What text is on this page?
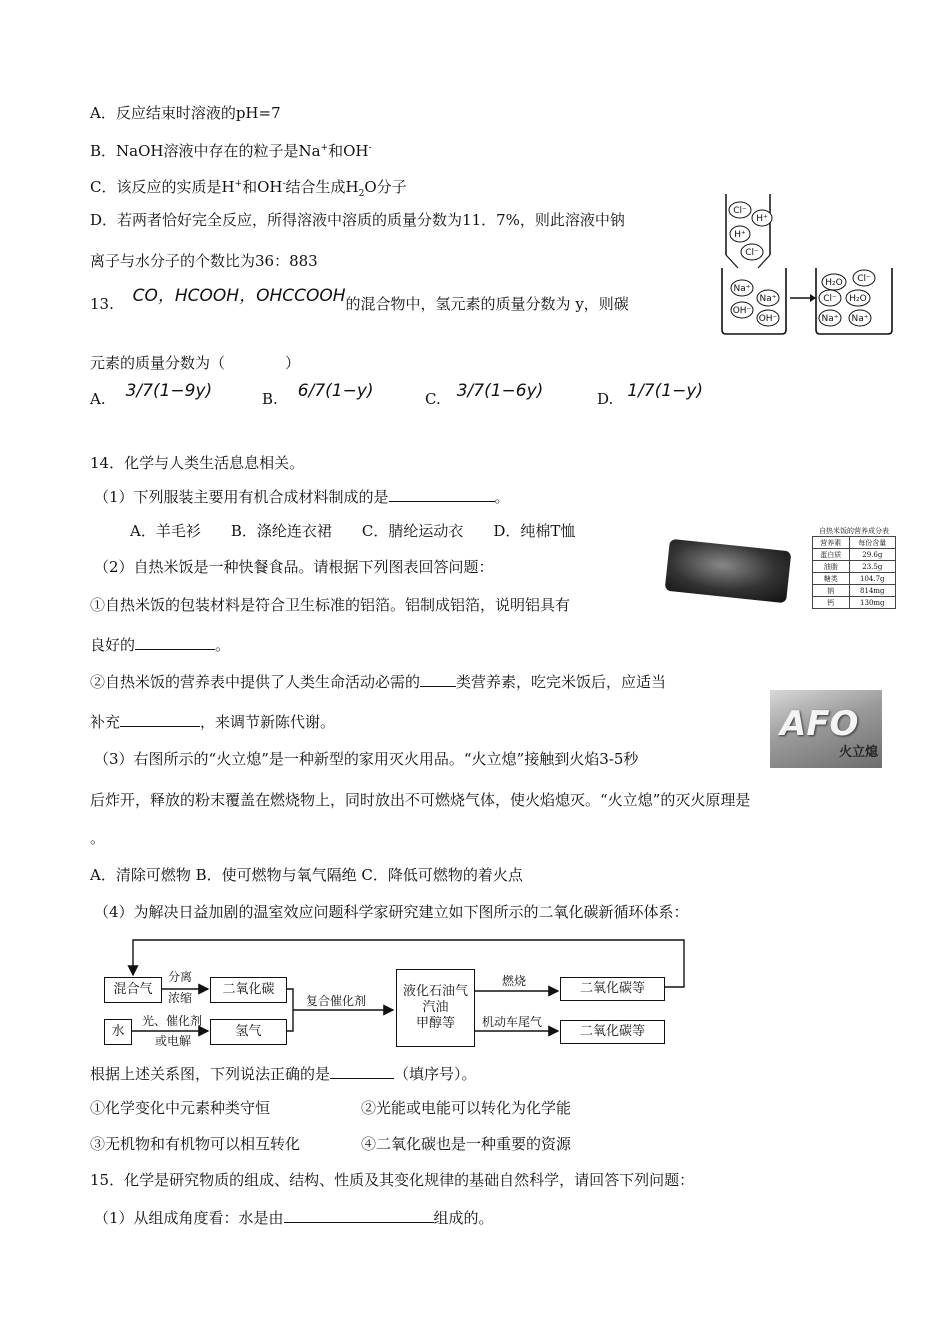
A．反应结束时溶液的pH=7
B．NaOH溶液中存在的粒子是Na+和OH-
C．该反应的实质是H+和OH-结合生成$H_2O$分子
D．若两者恰好完全反应，所得溶液中溶质的质量分数为11．7%，则此溶液中钠
离子与水分子的个数比为36：883
Cl⁻
H⁺
H⁺
Cl⁻
Na⁺
Na⁺
OH⁻
OH⁻
H₂O Cl⁻
Cl⁻ H₂O
Na⁺ Na⁺
13. CO，HCOOH，OHCCOOH的混合物中，氢元素的质量分数为 y，则碳
元素的质量分数为（　　　　）
A. 3/7(1−9y)	B. 6/7(1−y)	C. 3/7(1−6y)	D. 1/7(1−y)
14．化学与人类生活息息相关。
（1）下列服装主要用有机合成材料制成的是	。
A．羊毛衫　　B．涤纶连衣裙　　C．腈纶运动衣　　D．纯棉T恤
（2）自热米饭是一种快餐食品。请根据下列图表回答问题：
①自热米饭的包装材料是符合卫生标准的铝箔。铝制成铝箔，说明铝具有
良好的	。
②自热米饭的营养表中提供了人类生命活动必需的 类营养素，吃完米饭后，应适当
补充	，来调节新陈代谢。
（3）右图所示的“火立熄”是一种新型的家用灭火用品。“火立熄”接触到火焰3-5秒
后炸开，释放的粉末覆盖在燃烧物上，同时放出不可燃烧气体，使火焰熄灭。“火立熄”的灭火原理是
。
A．清除可燃物 B．使可燃物与氧气隔绝 C．降低可燃物的着火点
（4）为解决日益加剧的温室效应问题科学家研究建立如下图所示的二氧化碳新循环体系：
自热米饭的营养成分表
营养素	每份含量
蛋白质	29.6g
油脂	23.5g
糖类	104.7g
钠	814mg
钙	130mg
AFO
火立熄
混合气
水
分离
浓缩
光、催化剂
或电解
二氧化碳
氢气
复合催化剂
液化石油气
汽油
甲醇等
燃烧
机动车尾气
二氧化碳等
二氧化碳等
根据上述关系图，下列说法正确的是	（填序号）。
①化学变化中元素种类守恒	②光能或电能可以转化为化学能
③无机物和有机物可以相互转化	④二氧化碳也是一种重要的资源
15．化学是研究物质的组成、结构、性质及其变化规律的基础自然科学，请回答下列问题：
（1）从组成角度看：水是由	组成的。
